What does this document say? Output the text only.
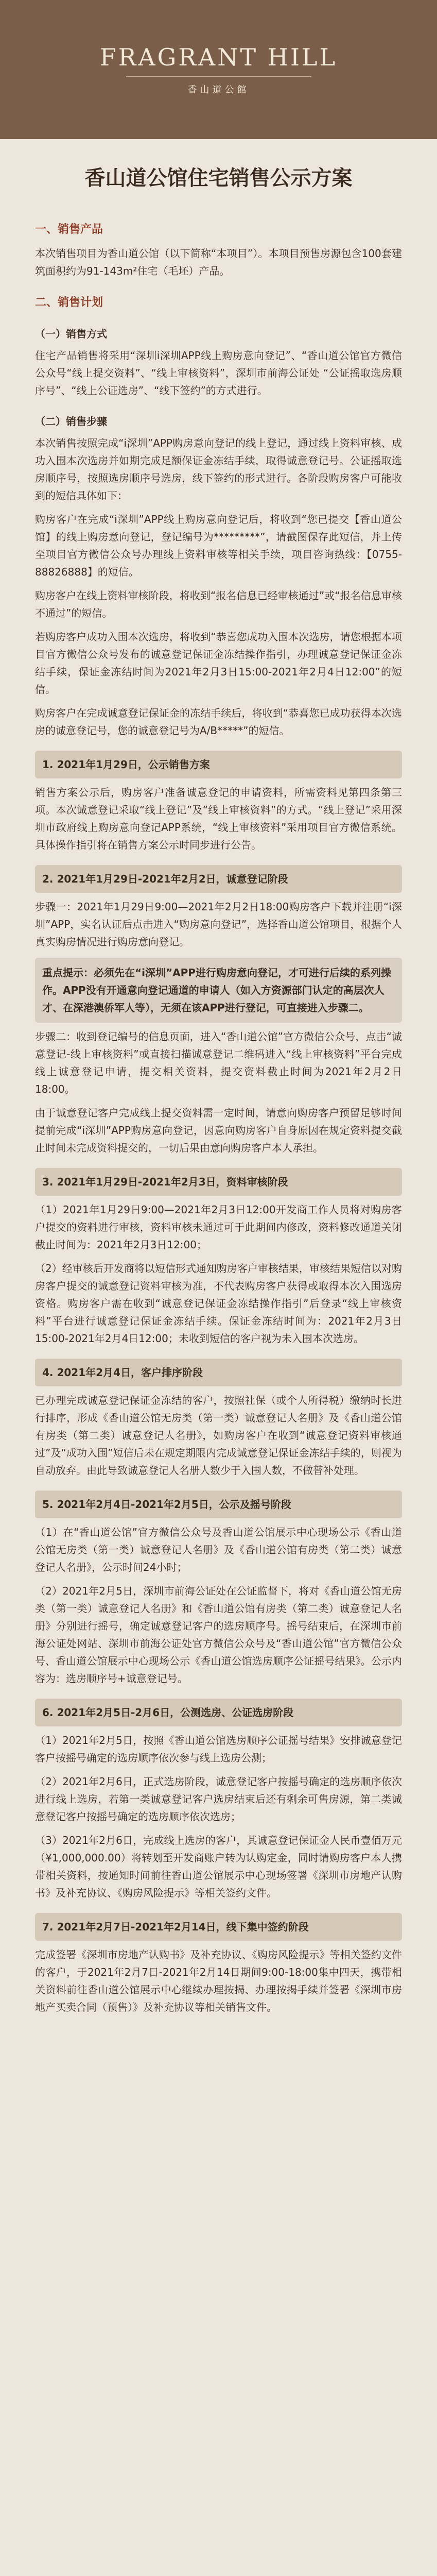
FRAGRANT HILL
香山道公館
香山道公馆住宅销售公示方案
一、销售产品

本次销售项目为香山道公馆（以下简称“本项目”）。本项目预售房源包含100套建筑面积约为91-143m²住宅（毛坯）产品。

二、销售计划
（一）销售方式

住宅产品销售将采用“深圳i深圳APP线上购房意向登记”、“香山道公馆官方微信公众号“线上提交资料”、“线上审核资料”，深圳市前海公证处 “公证摇取选房顺序号”、“线上公证选房”、“线下签约”的方式进行。

（二）销售步骤

本次销售按照完成“i深圳”APP购房意向登记的线上登记，通过线上资料审核、成功入围本次选房并如期完成足额保证金冻结手续，取得诚意登记号。公证摇取选房顺序号，按照选房顺序号选房，线下签约的形式进行。各阶段购房客户可能收到的短信具体如下：

购房客户在完成“i深圳”APP线上购房意向登记后，将收到“您已提交【香山道公馆】的线上购房意向登记，登记编号为*********”，请截图保存此短信，并上传至项目官方微信公众号办理线上资料审核等相关手续，项目咨询热线：【0755-88826888】的短信。

购房客户在线上资料审核阶段，将收到“报名信息已经审核通过”或“报名信息审核不通过”的短信。

若购房客户成功入围本次选房，将收到“恭喜您成功入围本次选房，请您根据本项目官方微信公众号发布的诚意登记保证金冻结操作指引，办理诚意登记保证金冻结手续，保证金冻结时间为2021年2月3日15:00-2021年2月4日12:00”的短信。

购房客户在完成诚意登记保证金的冻结手续后，将收到“恭喜您已成功获得本次选房的诚意登记号，您的诚意登记号为A/B*****”的短信。

1. 2021年1月29日，公示销售方案

销售方案公示后，购房客户准备诚意登记的申请资料，所需资料见第四条第三项。本次诚意登记采取“线上登记”及“线上审核资料”的方式。“线上登记”采用深圳市政府线上购房意向登记APP系统，“线上审核资料”采用项目官方微信系统。具体操作指引将在销售方案公示时同步进行公告。

2. 2021年1月29日-2021年2月2日，诚意登记阶段

步骤一：2021年1月29日9:00—2021年2月2日18:00购房客户下载并注册“i深圳”APP，实名认证后点击进入“购房意向登记”，选择香山道公馆项目，根据个人真实购房情况进行购房意向登记。

重点提示：必须先在“i深圳”APP进行购房意向登记，才可进行后续的系列操作。APP没有开通意向登记通道的申请人（如入方资源部门认定的高层次人才、在深港澳侨军人等），无须在该APP进行登记，可直接进入步骤二。

步骤二：收到登记编号的信息页面，进入“香山道公馆”官方微信公众号，点击“诚意登记-线上审核资料”或直接扫描诚意登记二维码进入“线上审核资料”平台完成线上诚意登记申请，提交相关资料，提交资料截止时间为2021年2月2日18:00。

由于诚意登记客户完成线上提交资料需一定时间，请意向购房客户预留足够时间提前完成“i深圳”APP购房意向登记，因意向购房客户自身原因在规定资料提交截止时间未完成资料提交的，一切后果由意向购房客户本人承担。

3. 2021年1月29日-2021年2月3日，资料审核阶段

（1）2021年1月29日9:00—2021年2月3日12:00开发商工作人员将对购房客户提交的资料进行审核，资料审核未通过可于此期间内修改，资料修改通道关闭截止时间为：2021年2月3日12:00；

（2）经审核后开发商将以短信形式通知购房客户审核结果，审核结果短信以对购房客户提交的诚意登记资料审核为准，不代表购房客户获得或取得本次入围选房资格。购房客户需在收到“诚意登记保证金冻结操作指引”后登录“线上审核资料”平台进行诚意登记保证金冻结手续。保证金冻结时间为：2021年2月3日15:00-2021年2月4日12:00；未收到短信的客户视为未入围本次选房。

4. 2021年2月4日，客户排序阶段

已办理完成诚意登记保证金冻结的客户，按照社保（或个人所得税）缴纳时长进行排序，形成《香山道公馆无房类（第一类）诚意登记人名册》及《香山道公馆有房类（第二类）诚意登记人名册》，如购房客户在收到“诚意登记资料审核通过”及“成功入围”短信后未在规定期限内完成诚意登记保证金冻结手续的，则视为自动放弃。由此导致诚意登记人名册人数少于入围人数，不做替补处理。

5. 2021年2月4日-2021年2月5日，公示及摇号阶段

（1）在“香山道公馆”官方微信公众号及香山道公馆展示中心现场公示《香山道公馆无房类（第一类）诚意登记人名册》及《香山道公馆有房类（第二类）诚意登记人名册》，公示时间24小时；

（2）2021年2月5日，深圳市前海公证处在公证监督下，将对《香山道公馆无房类（第一类）诚意登记人名册》和《香山道公馆有房类（第二类）诚意登记人名册》分别进行摇号，确定诚意登记客户的选房顺序号。摇号结束后，在深圳市前海公证处网站、深圳市前海公证处官方微信公众号及“香山道公馆”官方微信公众号、香山道公馆展示中心现场公示《香山道公馆选房顺序公证摇号结果》。公示内容为：选房顺序号+诚意登记号。

6. 2021年2月5日-2月6日，公测选房、公证选房阶段

（1）2021年2月5日，按照《香山道公馆选房顺序公证摇号结果》安排诚意登记客户按摇号确定的选房顺序依次参与线上选房公测；

（2）2021年2月6日，正式选房阶段，诚意登记客户按摇号确定的选房顺序依次进行线上选房，若第一类诚意登记客户选房结束后还有剩余可售房源，第二类诚意登记客户按摇号确定的选房顺序依次选房；

（3）2021年2月6日，完成线上选房的客户，其诚意登记保证金人民币壹佰万元（¥1,000,000.00）将转划至开发商账户转为认购定金，同时请购房客户本人携带相关资料，按通知时间前往香山道公馆展示中心现场签署《深圳市房地产认购书》及补充协议、《购房风险提示》等相关签约文件。

7. 2021年2月7日-2021年2月14日，线下集中签约阶段

完成签署《深圳市房地产认购书》及补充协议、《购房风险提示》等相关签约文件的客户，于2021年2月7日-2021年2月14日期间9:00-18:00集中四天，携带相关资料前往香山道公馆展示中心继续办理按揭、办理按揭手续并签署《深圳市房地产买卖合同（预售）》及补充协议等相关销售文件。
